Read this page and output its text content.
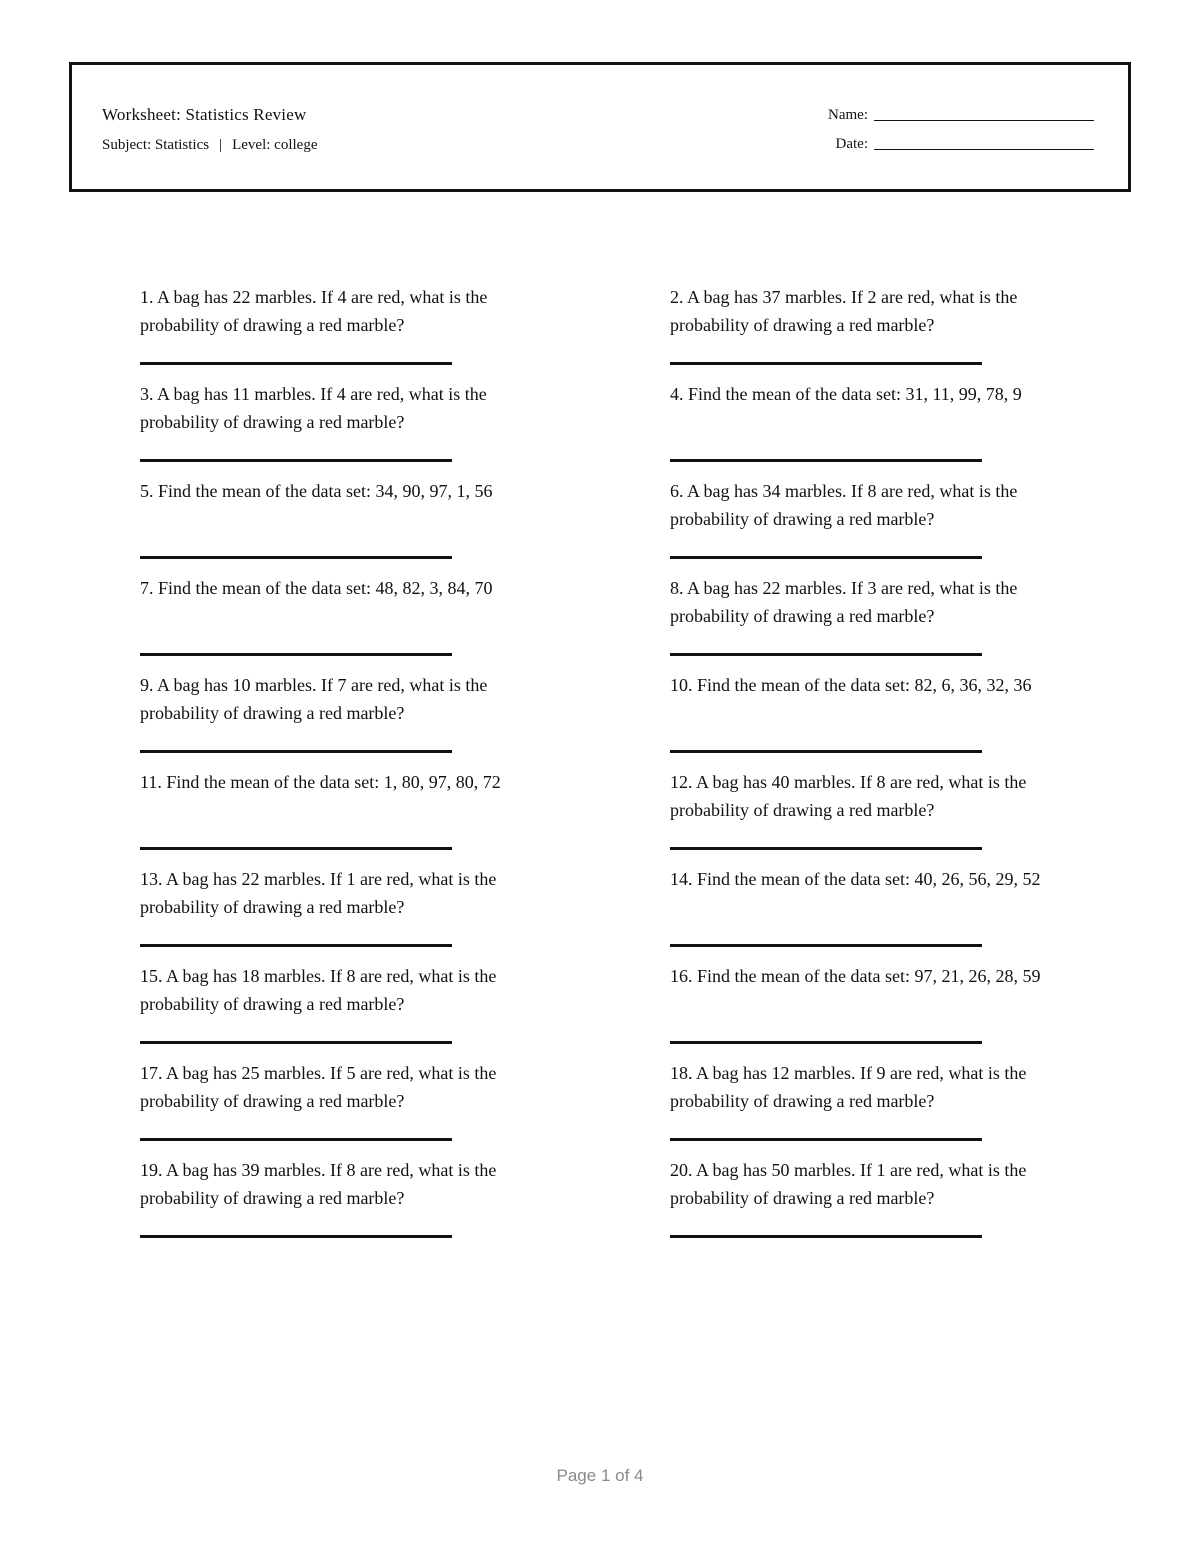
Worksheet: Statistics Review
Subject: Statistics | Level: college
Name:
Date:

1. A bag has 22 marbles. If 4 are red, what is the probability of drawing a red marble?

2. A bag has 37 marbles. If 2 are red, what is the probability of drawing a red marble?

3. A bag has 11 marbles. If 4 are red, what is the probability of drawing a red marble?

4. Find the mean of the data set: 31, 11, 99, 78, 9

5. Find the mean of the data set: 34, 90, 97, 1, 56	6. A bag has 34 marbles. If 8 are red, what is the probability of drawing a red marble?

7. Find the mean of the data set: 48, 82, 3, 84, 70	8. A bag has 22 marbles. If 3 are red, what is the probability of drawing a red marble?

9. A bag has 10 marbles. If 7 are red, what is the probability of drawing a red marble?

10. Find the mean of the data set: 82, 6, 36, 32, 36

11. Find the mean of the data set: 1, 80, 97, 80, 72	12. A bag has 40 marbles. If 8 are red, what is the probability of drawing a red marble?

13. A bag has 22 marbles. If 1 are red, what is the probability of drawing a red marble?

14. Find the mean of the data set: 40, 26, 56, 29, 52

15. A bag has 18 marbles. If 8 are red, what is the probability of drawing a red marble?

16. Find the mean of the data set: 97, 21, 26, 28, 59

17. A bag has 25 marbles. If 5 are red, what is the probability of drawing a red marble?

18. A bag has 12 marbles. If 9 are red, what is the probability of drawing a red marble?

19. A bag has 39 marbles. If 8 are red, what is the probability of drawing a red marble?

20. A bag has 50 marbles. If 1 are red, what is the probability of drawing a red marble?

Page 1 of 4
